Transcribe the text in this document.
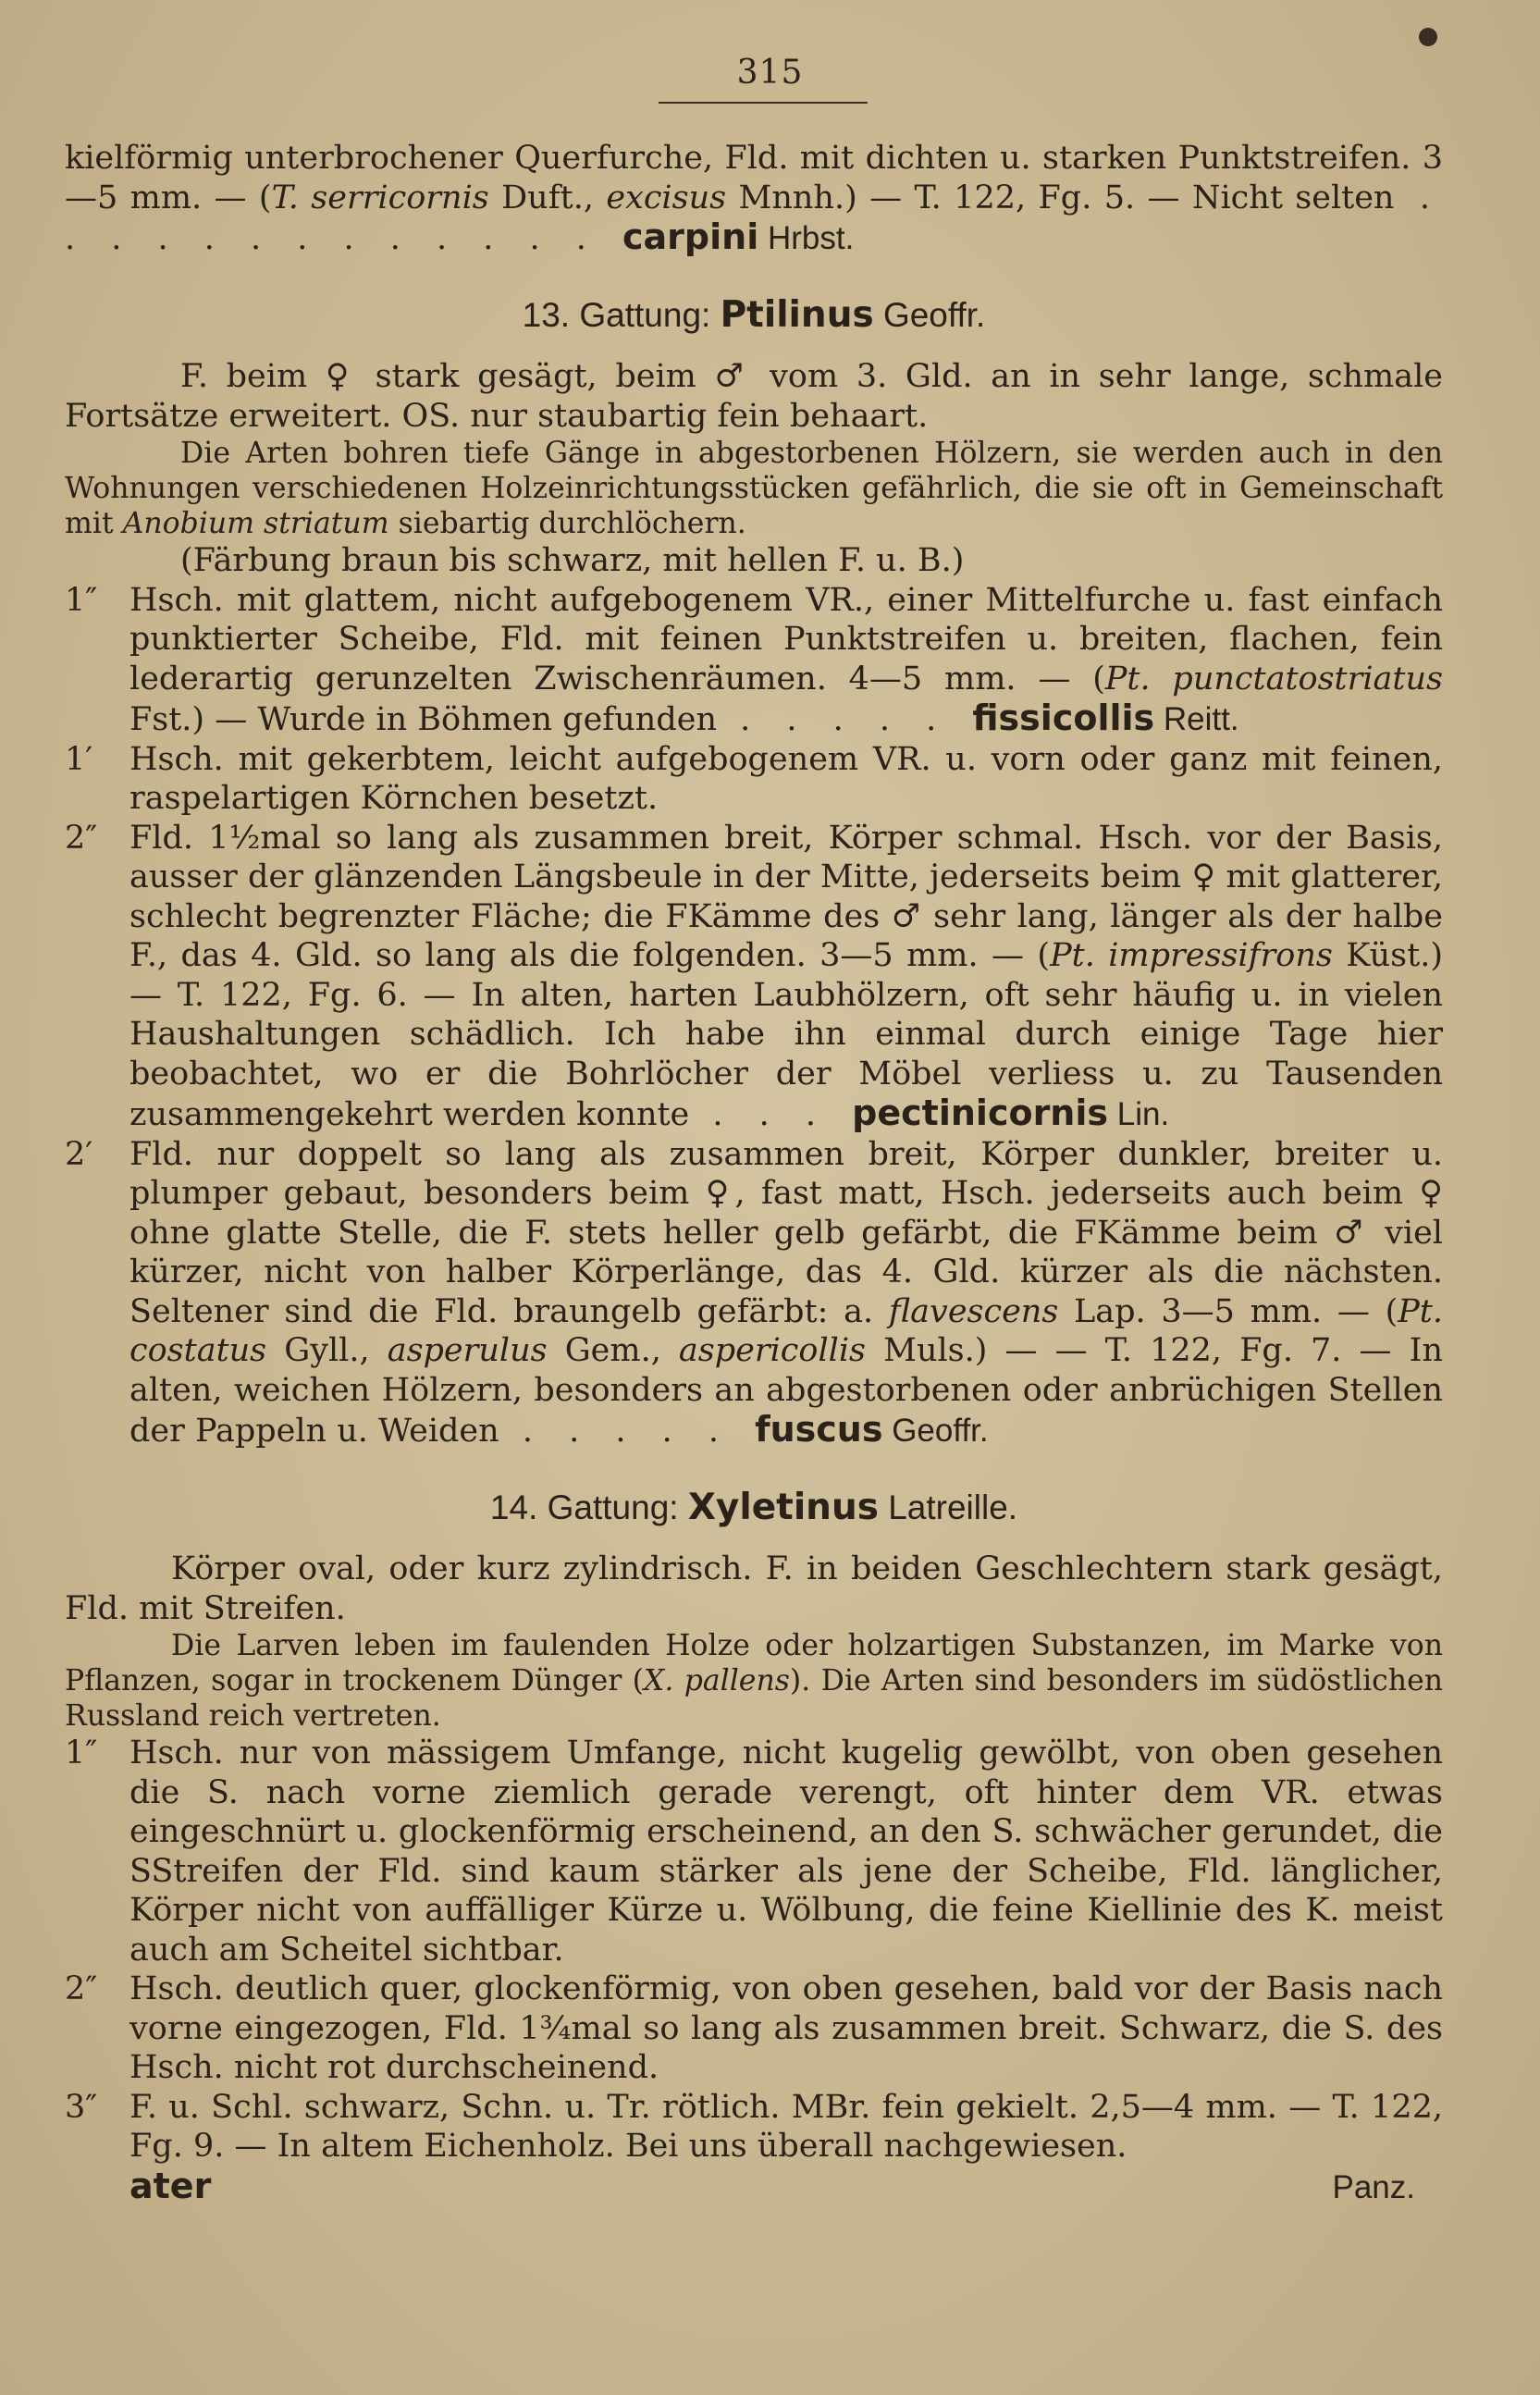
315

kielförmig unterbrochener Querfurche, Fld. mit dichten u. starken Punktstreifen. 3—5 mm. — (T. serricornis Duft., excisus Mnnh.) — T. 122, Fg. 5. — Nicht selten . . . . . . . . . . . . . carpini Hrbst.

13. Gattung: Ptilinus Geoffr.

F. beim ♀ stark gesägt, beim ♂ vom 3. Gld. an in sehr lange, schmale Fortsätze erweitert. OS. nur staubartig fein behaart.

Die Arten bohren tiefe Gänge in abgestorbenen Hölzern, sie werden auch in den Wohnungen verschiedenen Holzeinrichtungsstücken gefährlich, die sie oft in Gemeinschaft mit Anobium striatum siebartig durchlöchern.

(Färbung braun bis schwarz, mit hellen F. u. B.)

1″ Hsch. mit glattem, nicht aufgebogenem VR., einer Mittelfurche u. fast einfach punktierter Scheibe, Fld. mit feinen Punktstreifen u. breiten, flachen, fein lederartig gerunzelten Zwischenräumen. 4—5 mm. — (Pt. punctatostriatus Fst.) — Wurde in Böhmen gefunden . . . . . fissicollis Reitt.

1′	Hsch. mit gekerbtem, leicht aufgebogenem VR. u. vorn oder ganz mit feinen, raspelartigen Körnchen besetzt.

2″ Fld. 1½mal so lang als zusammen breit, Körper schmal. Hsch. vor der Basis, ausser der glänzenden Längsbeule in der Mitte, jederseits beim ♀ mit glatterer, schlecht begrenzter Fläche; die FKämme des ♂ sehr lang, länger als der halbe F., das 4. Gld. so lang als die folgenden. 3—5 mm. — (Pt. impressifrons Küst.) — T. 122, Fg. 6. — In alten, harten Laubhölzern, oft sehr häufig u. in vielen Haushaltungen schädlich. Ich habe ihn einmal durch einige Tage hier beobachtet, wo er die Bohrlöcher der Möbel verliess u. zu Tausenden zusammengekehrt werden konnte . . . pectinicornis Lin.

2′	Fld. nur doppelt so lang als zusammen breit, Körper dunkler, breiter u. plumper gebaut, besonders beim ♀, fast matt, Hsch. jederseits auch beim ♀ ohne glatte Stelle, die F. stets heller gelb gefärbt, die FKämme beim ♂ viel kürzer, nicht von halber Körperlänge, das 4. Gld. kürzer als die nächsten. Seltener sind die Fld. braungelb gefärbt: a. flavescens Lap. 3—5 mm. — (Pt. costatus Gyll., asperulus Gem., aspericollis Muls.) — — T. 122, Fg. 7. — In alten, weichen Hölzern, besonders an abgestorbenen oder anbrüchigen Stellen der Pappeln u. Weiden . . . . . fuscus Geoffr.

14. Gattung: Xyletinus Latreille.

Körper oval, oder kurz zylindrisch. F. in beiden Geschlechtern stark gesägt, Fld. mit Streifen.

Die Larven leben im faulenden Holze oder holzartigen Substanzen, im Marke von Pflanzen, sogar in trockenem Dünger (X. pallens). Die Arten sind besonders im südöstlichen Russland reich vertreten.

1″ Hsch. nur von mässigem Umfange, nicht kugelig gewölbt, von oben gesehen die S. nach vorne ziemlich gerade verengt, oft hinter dem VR. etwas eingeschnürt u. glockenförmig erscheinend, an den S. schwächer gerundet, die SStreifen der Fld. sind kaum stärker als jene der Scheibe, Fld. länglicher, Körper nicht von auffälliger Kürze u. Wölbung, die feine Kiellinie des K. meist auch am Scheitel sichtbar.

2″ Hsch. deutlich quer, glockenförmig, von oben gesehen, bald vor der Basis nach vorne eingezogen, Fld. 1¾mal so lang als zusammen breit. Schwarz, die S. des Hsch. nicht rot durchscheinend.

3″ F. u. Schl. schwarz, Schn. u. Tr. rötlich. MBr. fein gekielt. 2,5—4 mm. — T. 122, Fg. 9. — In altem Eichenholz. Bei uns überall nachgewiesen.

ater Panz.
